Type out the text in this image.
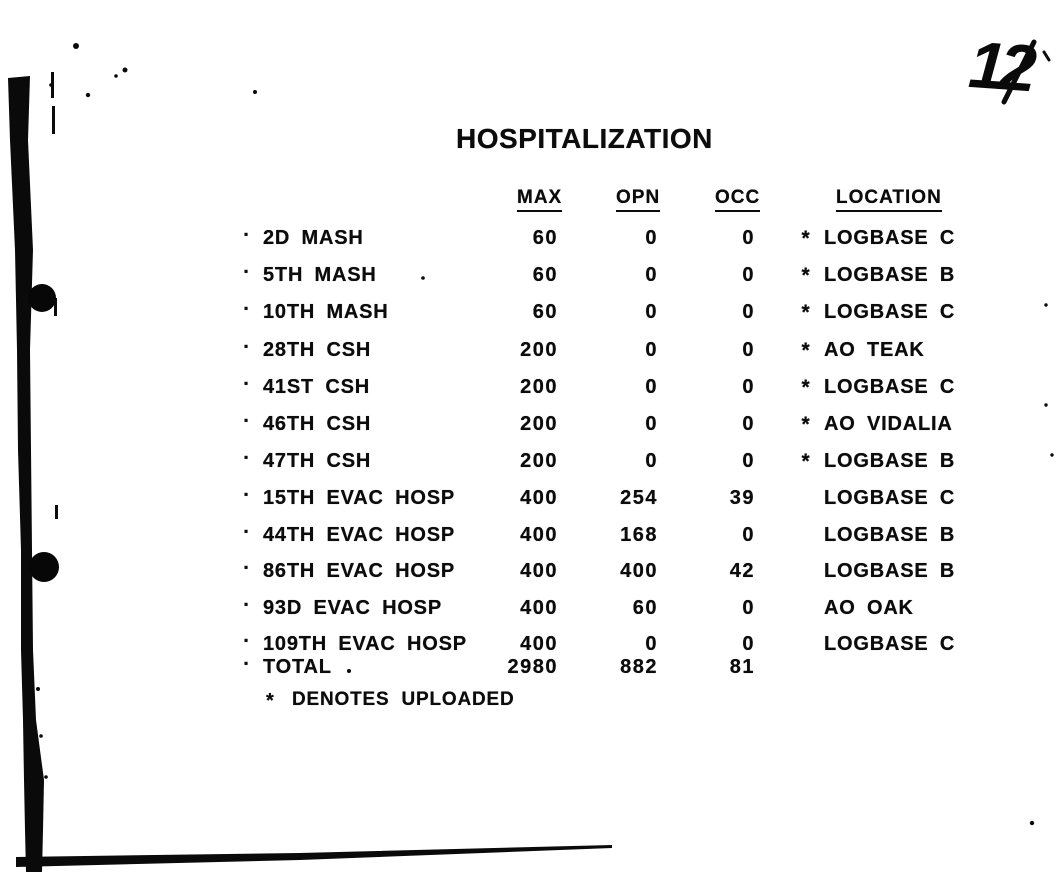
12
HOSPITALIZATION
MAX	OPN	OCC	LOCATION
▪ 2D MASH	60	0	0 * LOGBASE C
▪ 5TH MASH	60	0	0 * LOGBASE B
▪ 10TH MASH	60	0	0 * LOGBASE C
▪ 28TH CSH	200	0	0 * AO TEAK
▪ 41ST CSH	200	0	0 * LOGBASE C
▪ 46TH CSH	200	0	0 * AO VIDALIA
▪ 47TH CSH	200	0	0 * LOGBASE B
▪ 15TH EVAC HOSP	400	254	39	LOGBASE C
▪ 44TH EVAC HOSP	400	168	0	LOGBASE B
▪ 86TH EVAC HOSP	400	400	42	LOGBASE B
▪ 93D EVAC HOSP	400	60	0	AO OAK
▪ 109TH EVAC HOSP	400	0	0	LOGBASE C
▪ TOTAL	2980	882	81
* DENOTES UPLOADED
